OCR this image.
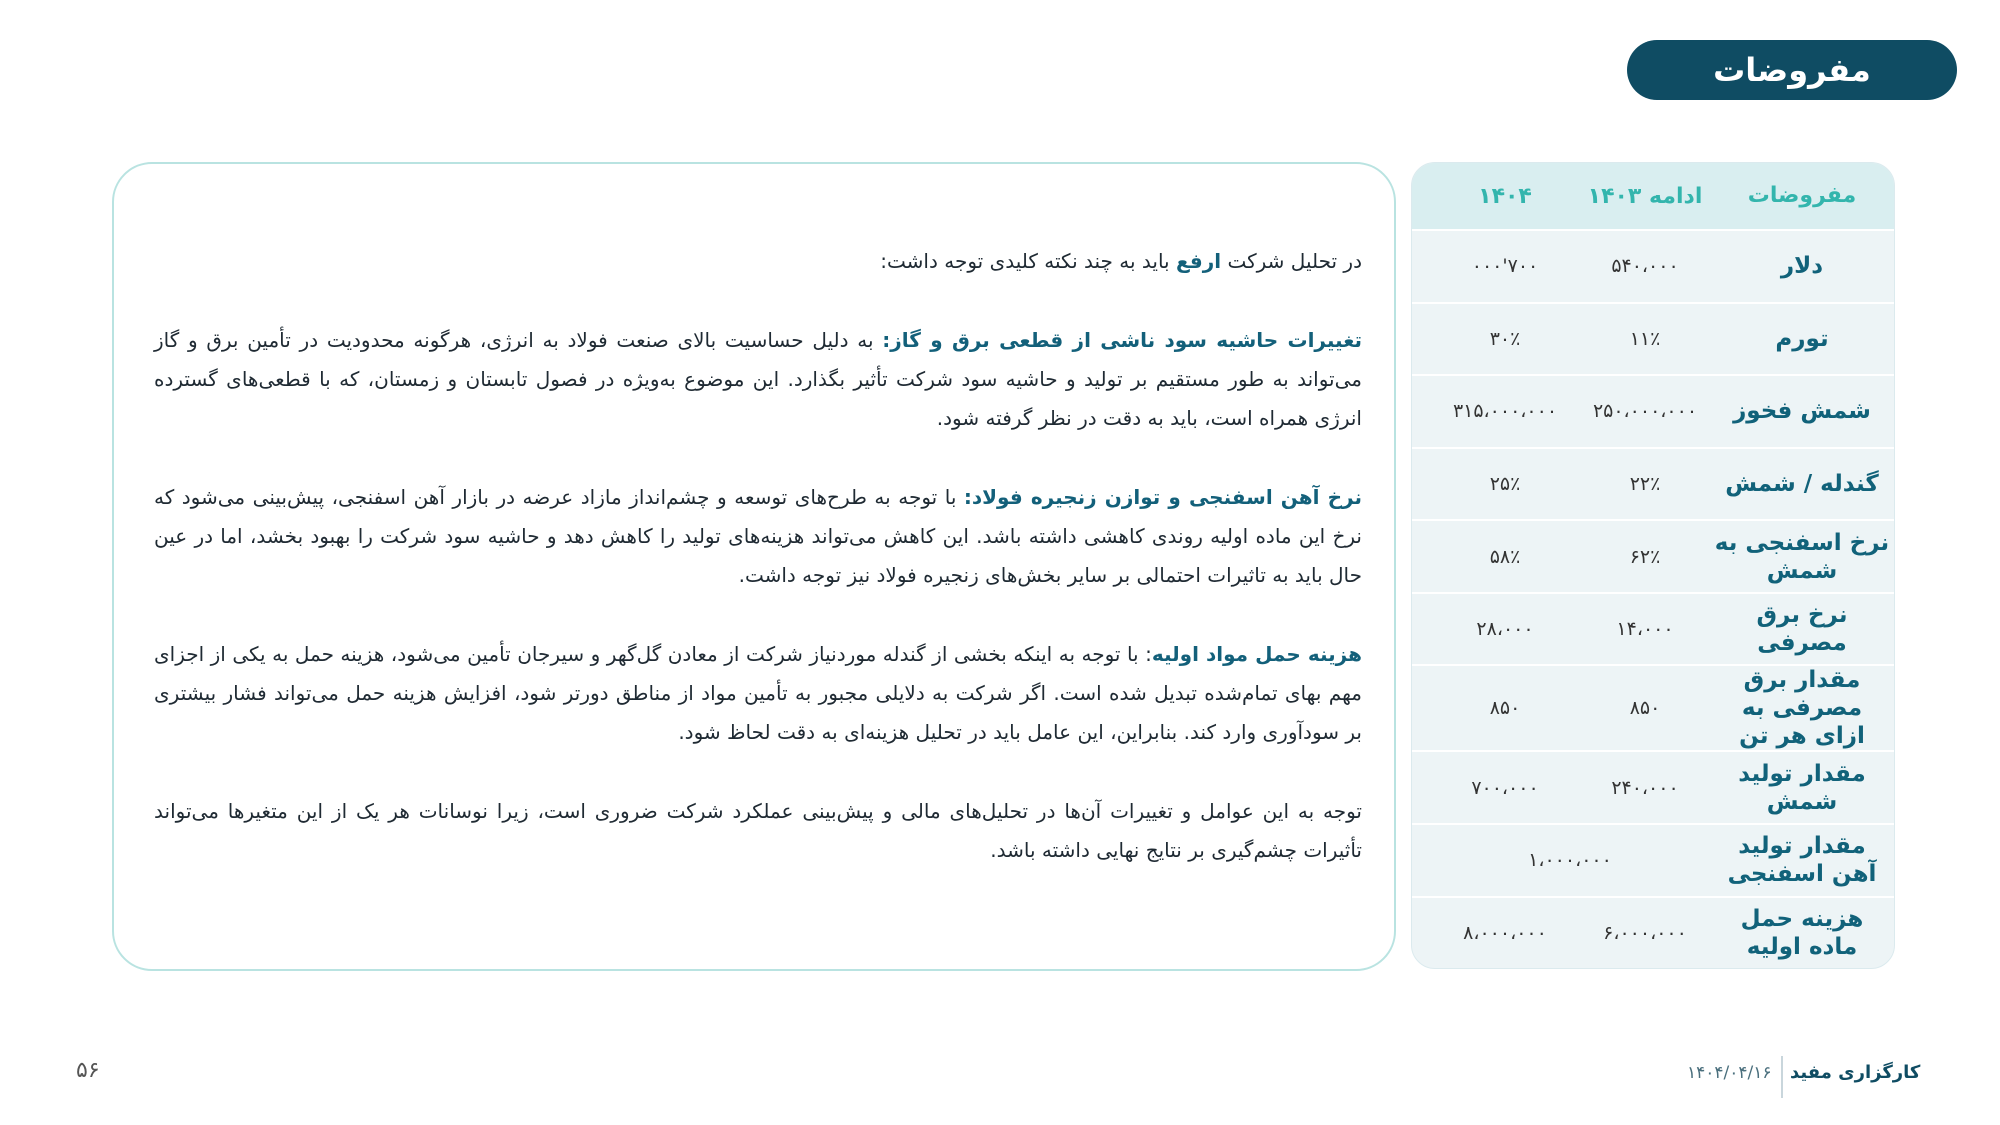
مفروضات

در تحلیل شرکت ارفع باید به چند نکته کلیدی توجه داشت:

تغییرات حاشیه سود ناشی از قطعی برق و گاز: به دلیل حساسیت بالای صنعت فولاد به انرژی، هرگونه محدودیت در تأمین برق و گاز می‌تواند به طور مستقیم بر تولید و حاشیه سود شرکت تأثیر بگذارد. این موضوع به‌ویژه در فصول تابستان و زمستان، که با قطعی‌های گسترده انرژی همراه است، باید به دقت در نظر گرفته شود.

نرخ آهن اسفنجی و توازن زنجیره فولاد: با توجه به طرح‌های توسعه و چشم‌انداز مازاد عرضه در بازار آهن اسفنجی، پیش‌بینی می‌شود که نرخ این ماده اولیه روندی کاهشی داشته باشد. این کاهش می‌تواند هزینه‌های تولید را کاهش دهد و حاشیه سود شرکت را بهبود بخشد، اما در عین حال باید به تاثیرات احتمالی بر سایر بخش‌های زنجیره فولاد نیز توجه داشت.

هزینه حمل مواد اولیه: با توجه به اینکه بخشی از گندله موردنیاز شرکت از معادن گل‌گهر و سیرجان تأمین می‌شود، هزینه حمل به یکی از اجزای مهم بهای تمام‌شده تبدیل شده است. اگر شرکت به دلایلی مجبور به تأمین مواد از مناطق دورتر شود، افزایش هزینه حمل می‌تواند فشار بیشتری بر سودآوری وارد کند. بنابراین، این عامل باید در تحلیل هزینه‌ای به دقت لحاظ شود.

توجه به این عوامل و تغییرات آن‌ها در تحلیل‌های مالی و پیش‌بینی عملکرد شرکت ضروری است، زیرا نوسانات هر یک از این متغیرها می‌تواند تأثیرات چشم‌گیری بر نتایج نهایی داشته باشد.

مفروضات
ادامه ۱۴۰۳
۱۴۰۴
دلار
۵۴۰،۰۰۰
۷۰۰'۰۰۰
تورم
۱۱٪
۳۰٪
شمش فخوز
۲۵۰،۰۰۰،۰۰۰
۳۱۵،۰۰۰،۰۰۰
گندله / شمش
۲۲٪
۲۵٪
نرخ اسفنجی به شمش
۶۲٪
۵۸٪
نرخ برق مصرفی
۱۴،۰۰۰
۲۸،۰۰۰
مقدار برق مصرفی به ازای هر تن
۸۵۰
۸۵۰
مقدار تولید شمش
۲۴۰،۰۰۰
۷۰۰،۰۰۰
مقدار تولید آهن اسفنجی
۱،۰۰۰،۰۰۰
هزینه حمل ماده اولیه
۶،۰۰۰،۰۰۰
۸،۰۰۰،۰۰۰
۵۶	۱۴۰۴/۰۴/۱۶ کارگزاری مفید
